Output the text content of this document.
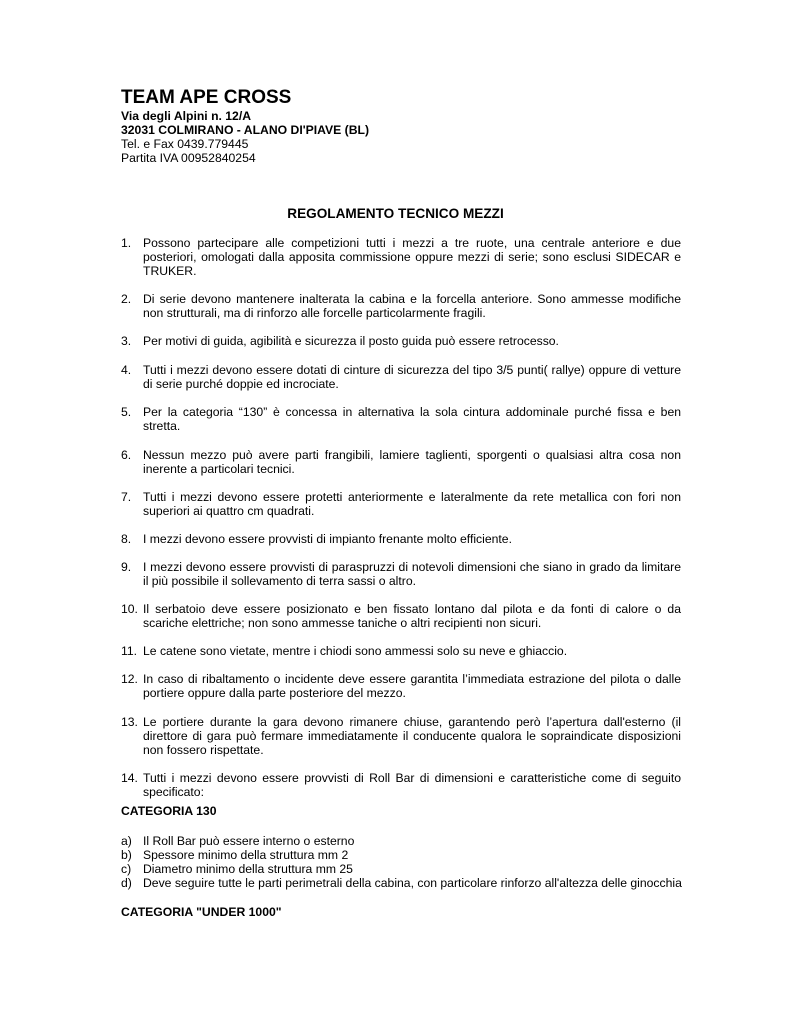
TEAM APE CROSS
Via degli Alpini n. 12/A
32031 COLMIRANO - ALANO DI'PIAVE (BL)
Tel. e Fax 0439.779445
Partita IVA 00952840254
REGOLAMENTO TECNICO MEZZI
1. Possono partecipare alle competizioni tutti i mezzi a tre ruote, una centrale anteriore e due posteriori, omologati dalla apposita commissione oppure mezzi di serie; sono esclusi SIDECAR e TRUKER.
2. Di serie devono mantenere inalterata la cabina e la forcella anteriore. Sono ammesse modifiche non strutturali, ma di rinforzo alle forcelle particolarmente fragili.
3. Per motivi di guida, agibilità e sicurezza il posto guida può essere retrocesso.
4. Tutti i mezzi devono essere dotati di cinture di sicurezza del tipo 3/5 punti( rallye) oppure di vetture di serie purché doppie ed incrociate.
5. Per la categoria “130” è concessa in alternativa la sola cintura addominale purché fissa e ben stretta.
6. Nessun mezzo può avere parti frangibili, lamiere taglienti, sporgenti o qualsiasi altra cosa non inerente a particolari tecnici.
7. Tutti i mezzi devono essere protetti anteriormente e lateralmente da rete metallica con fori non superiori ai quattro cm quadrati.
8. I mezzi devono essere provvisti di impianto frenante molto efficiente.
9. I mezzi devono essere provvisti di paraspruzzi di notevoli dimensioni che siano in grado da limitare il più possibile il sollevamento di terra sassi o altro.
10. Il serbatoio deve essere posizionato e ben fissato lontano dal pilota e da fonti di calore o da scariche elettriche; non sono ammesse taniche o altri recipienti non sicuri.
11. Le catene sono vietate, mentre i chiodi sono ammessi solo su neve e ghiaccio.
12. In caso di ribaltamento o incidente deve essere garantita l’immediata estrazione del pilota o dalle portiere oppure dalla parte posteriore del mezzo.
13. Le portiere durante la gara devono rimanere chiuse, garantendo però l’apertura dall'esterno (il direttore di gara può fermare immediatamente il conducente qualora le sopraindicate disposizioni non fossero rispettate.
14. Tutti i mezzi devono essere provvisti di Roll Bar di dimensioni e caratteristiche come di seguito specificato:
CATEGORIA 130
a) Il Roll Bar può essere interno o esterno
b) Spessore minimo della struttura mm 2
c) Diametro minimo della struttura mm 25
d) Deve seguire tutte le parti perimetrali della cabina, con particolare rinforzo all'altezza delle ginocchia
CATEGORIA "UNDER 1000"
